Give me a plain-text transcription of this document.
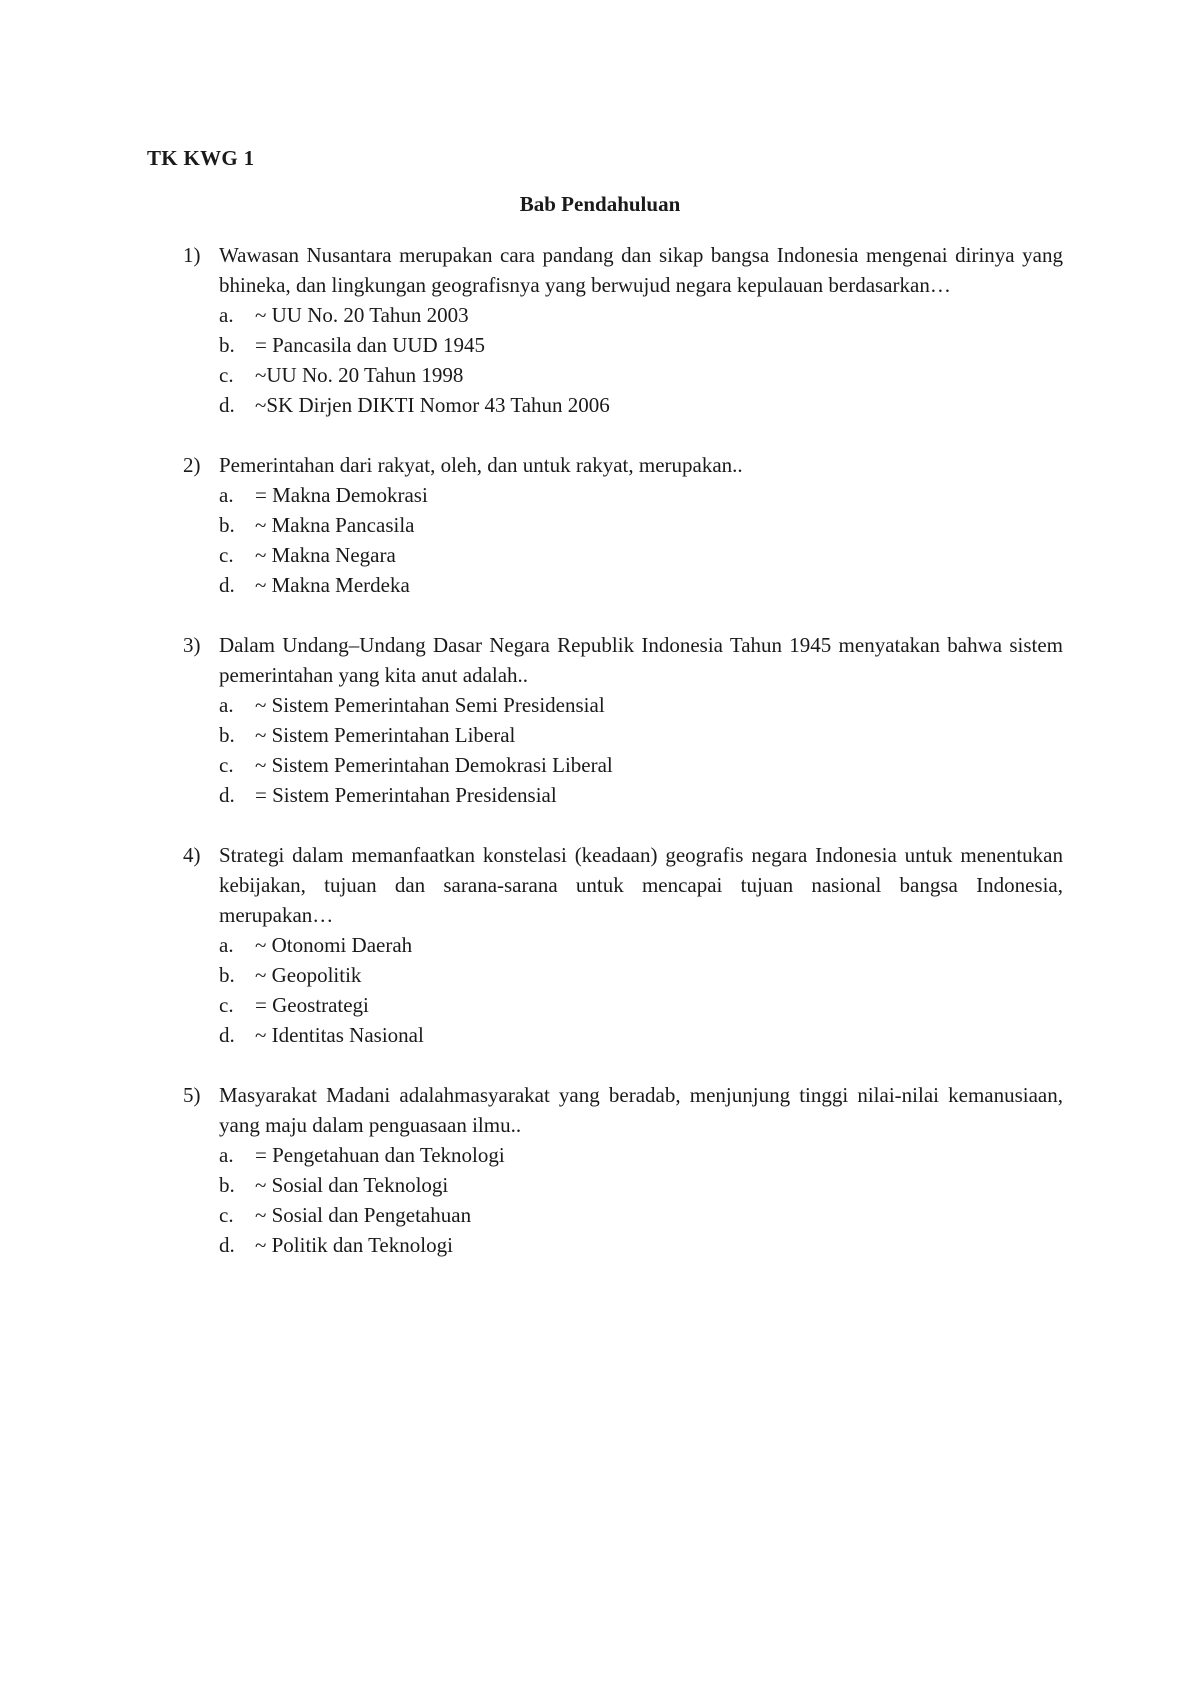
TK KWG 1
Bab Pendahuluan
1) Wawasan Nusantara merupakan cara pandang dan sikap bangsa Indonesia mengenai dirinya yang bhineka, dan lingkungan geografisnya yang berwujud negara kepulauan berdasarkan…
a. ~ UU No. 20 Tahun 2003
b. = Pancasila dan UUD 1945
c. ~UU No. 20 Tahun 1998
d. ~SK Dirjen DIKTI Nomor 43 Tahun 2006
2) Pemerintahan dari rakyat, oleh, dan untuk rakyat, merupakan..
a. = Makna Demokrasi
b. ~ Makna Pancasila
c. ~ Makna Negara
d. ~ Makna Merdeka
3) Dalam Undang–Undang Dasar Negara Republik Indonesia Tahun 1945 menyatakan bahwa sistem pemerintahan yang kita anut adalah..
a. ~ Sistem Pemerintahan Semi Presidensial
b. ~ Sistem Pemerintahan Liberal
c. ~ Sistem Pemerintahan Demokrasi Liberal
d. = Sistem Pemerintahan Presidensial
4) Strategi dalam memanfaatkan konstelasi (keadaan) geografis negara Indonesia untuk menentukan kebijakan, tujuan dan sarana-sarana untuk mencapai tujuan nasional bangsa Indonesia, merupakan…
a. ~ Otonomi Daerah
b. ~ Geopolitik
c. = Geostrategi
d. ~ Identitas Nasional
5) Masyarakat Madani adalahmasyarakat yang beradab, menjunjung tinggi nilai-nilai kemanusiaan, yang maju dalam penguasaan ilmu..
a. = Pengetahuan dan Teknologi
b. ~ Sosial dan Teknologi
c. ~ Sosial dan Pengetahuan
d. ~ Politik dan Teknologi
